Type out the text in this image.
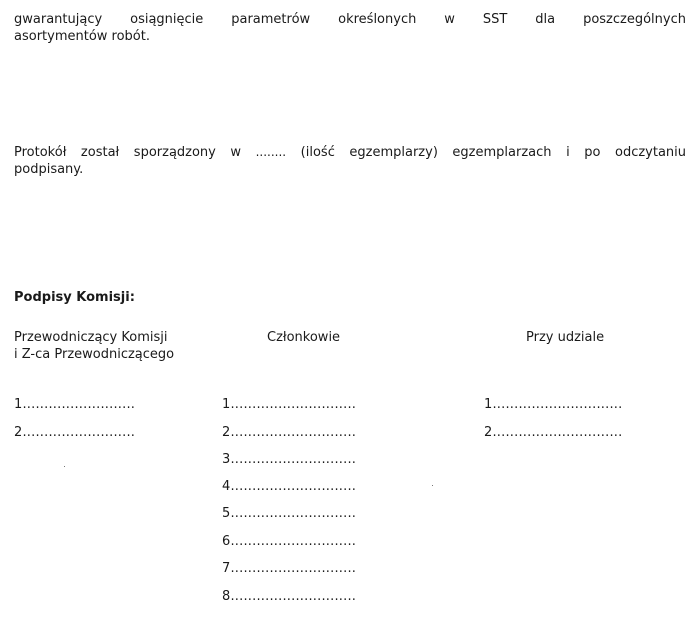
gwarantujący osiągnięcie parametrów określonych w SST dla poszczególnych
asortymentów robót.
Protokół został sporządzony w ........ (ilość egzemplarzy) egzemplarzach i po odczytaniu
podpisany.
Podpisy Komisji:
Przewodniczący Komisji
i Z-ca Przewodniczącego
Członkowie	Przy udziale
1..........................
2..........................
1.............................
2.............................
3.............................
4.............................
5.............................
6.............................
7.............................
8.............................
1..............................
2..............................
